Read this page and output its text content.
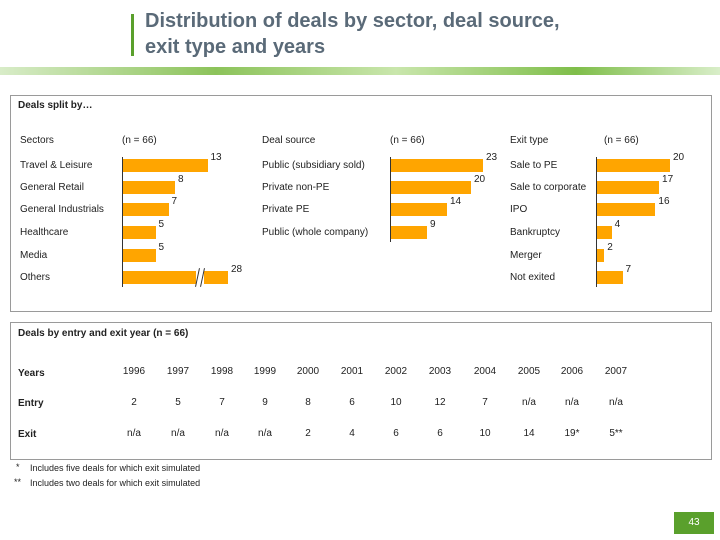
Distribution of deals by sector, deal source,
exit type and years
Deals split by…
Sectors	(n = 66)
Travel & Leisure
13
General Retail
8
General Industrials
7
Healthcare
5
Media
5
Others
28
Deal source	(n = 66)
Public (subsidiary sold)
23
Private non-PE
20
Private PE
14
Public (whole company)
9
Exit type	(n = 66)
Sale to PE
20
Sale to corporate
17
IPO
16
Bankruptcy
4
Merger
2
Not exited
7
Deals by entry and exit year (n = 66)
Years	1996	1997	1998	1999	2000	2001	2002	2003	2004	2005	2006	2007
Entry	2	5	7	9	8	6	10	12	7	n/a	n/a	n/a
Exit	n/a	n/a	n/a	n/a	2	4	6	6	10	14	19*	5**
* Includes five deals for which exit simulated
** Includes two deals for which exit simulated
43
